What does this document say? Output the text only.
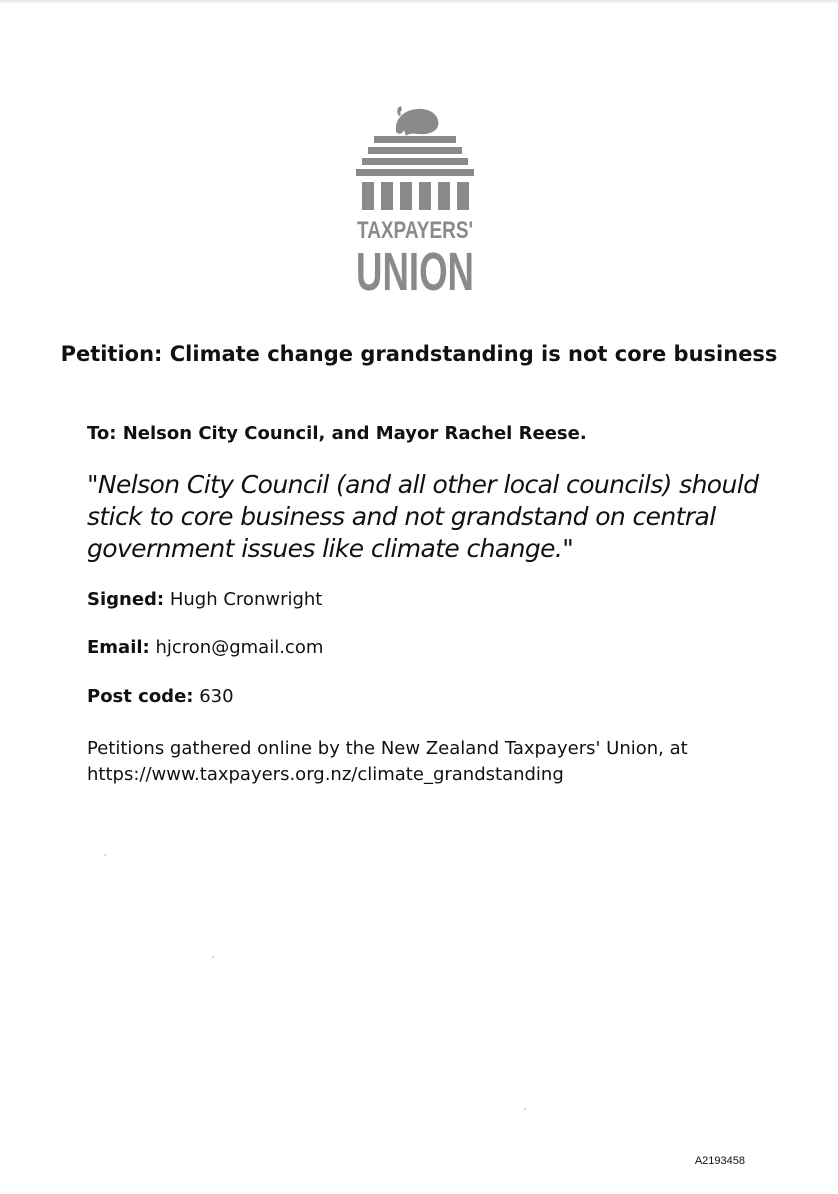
TAXPAYERS'
UNION
Petition: Climate change grandstanding is not core business

To: Nelson City Council, and Mayor Rachel Reese.

"Nelson City Council (and all other local councils) should stick to core business and not grandstand on central government issues like climate change."

Signed: Hugh Cronwright

Email: hjcron@gmail.com

Post code: 630

Petitions gathered online by the New Zealand Taxpayers' Union, at https://www.taxpayers.org.nz/climate_grandstanding

A2193458
